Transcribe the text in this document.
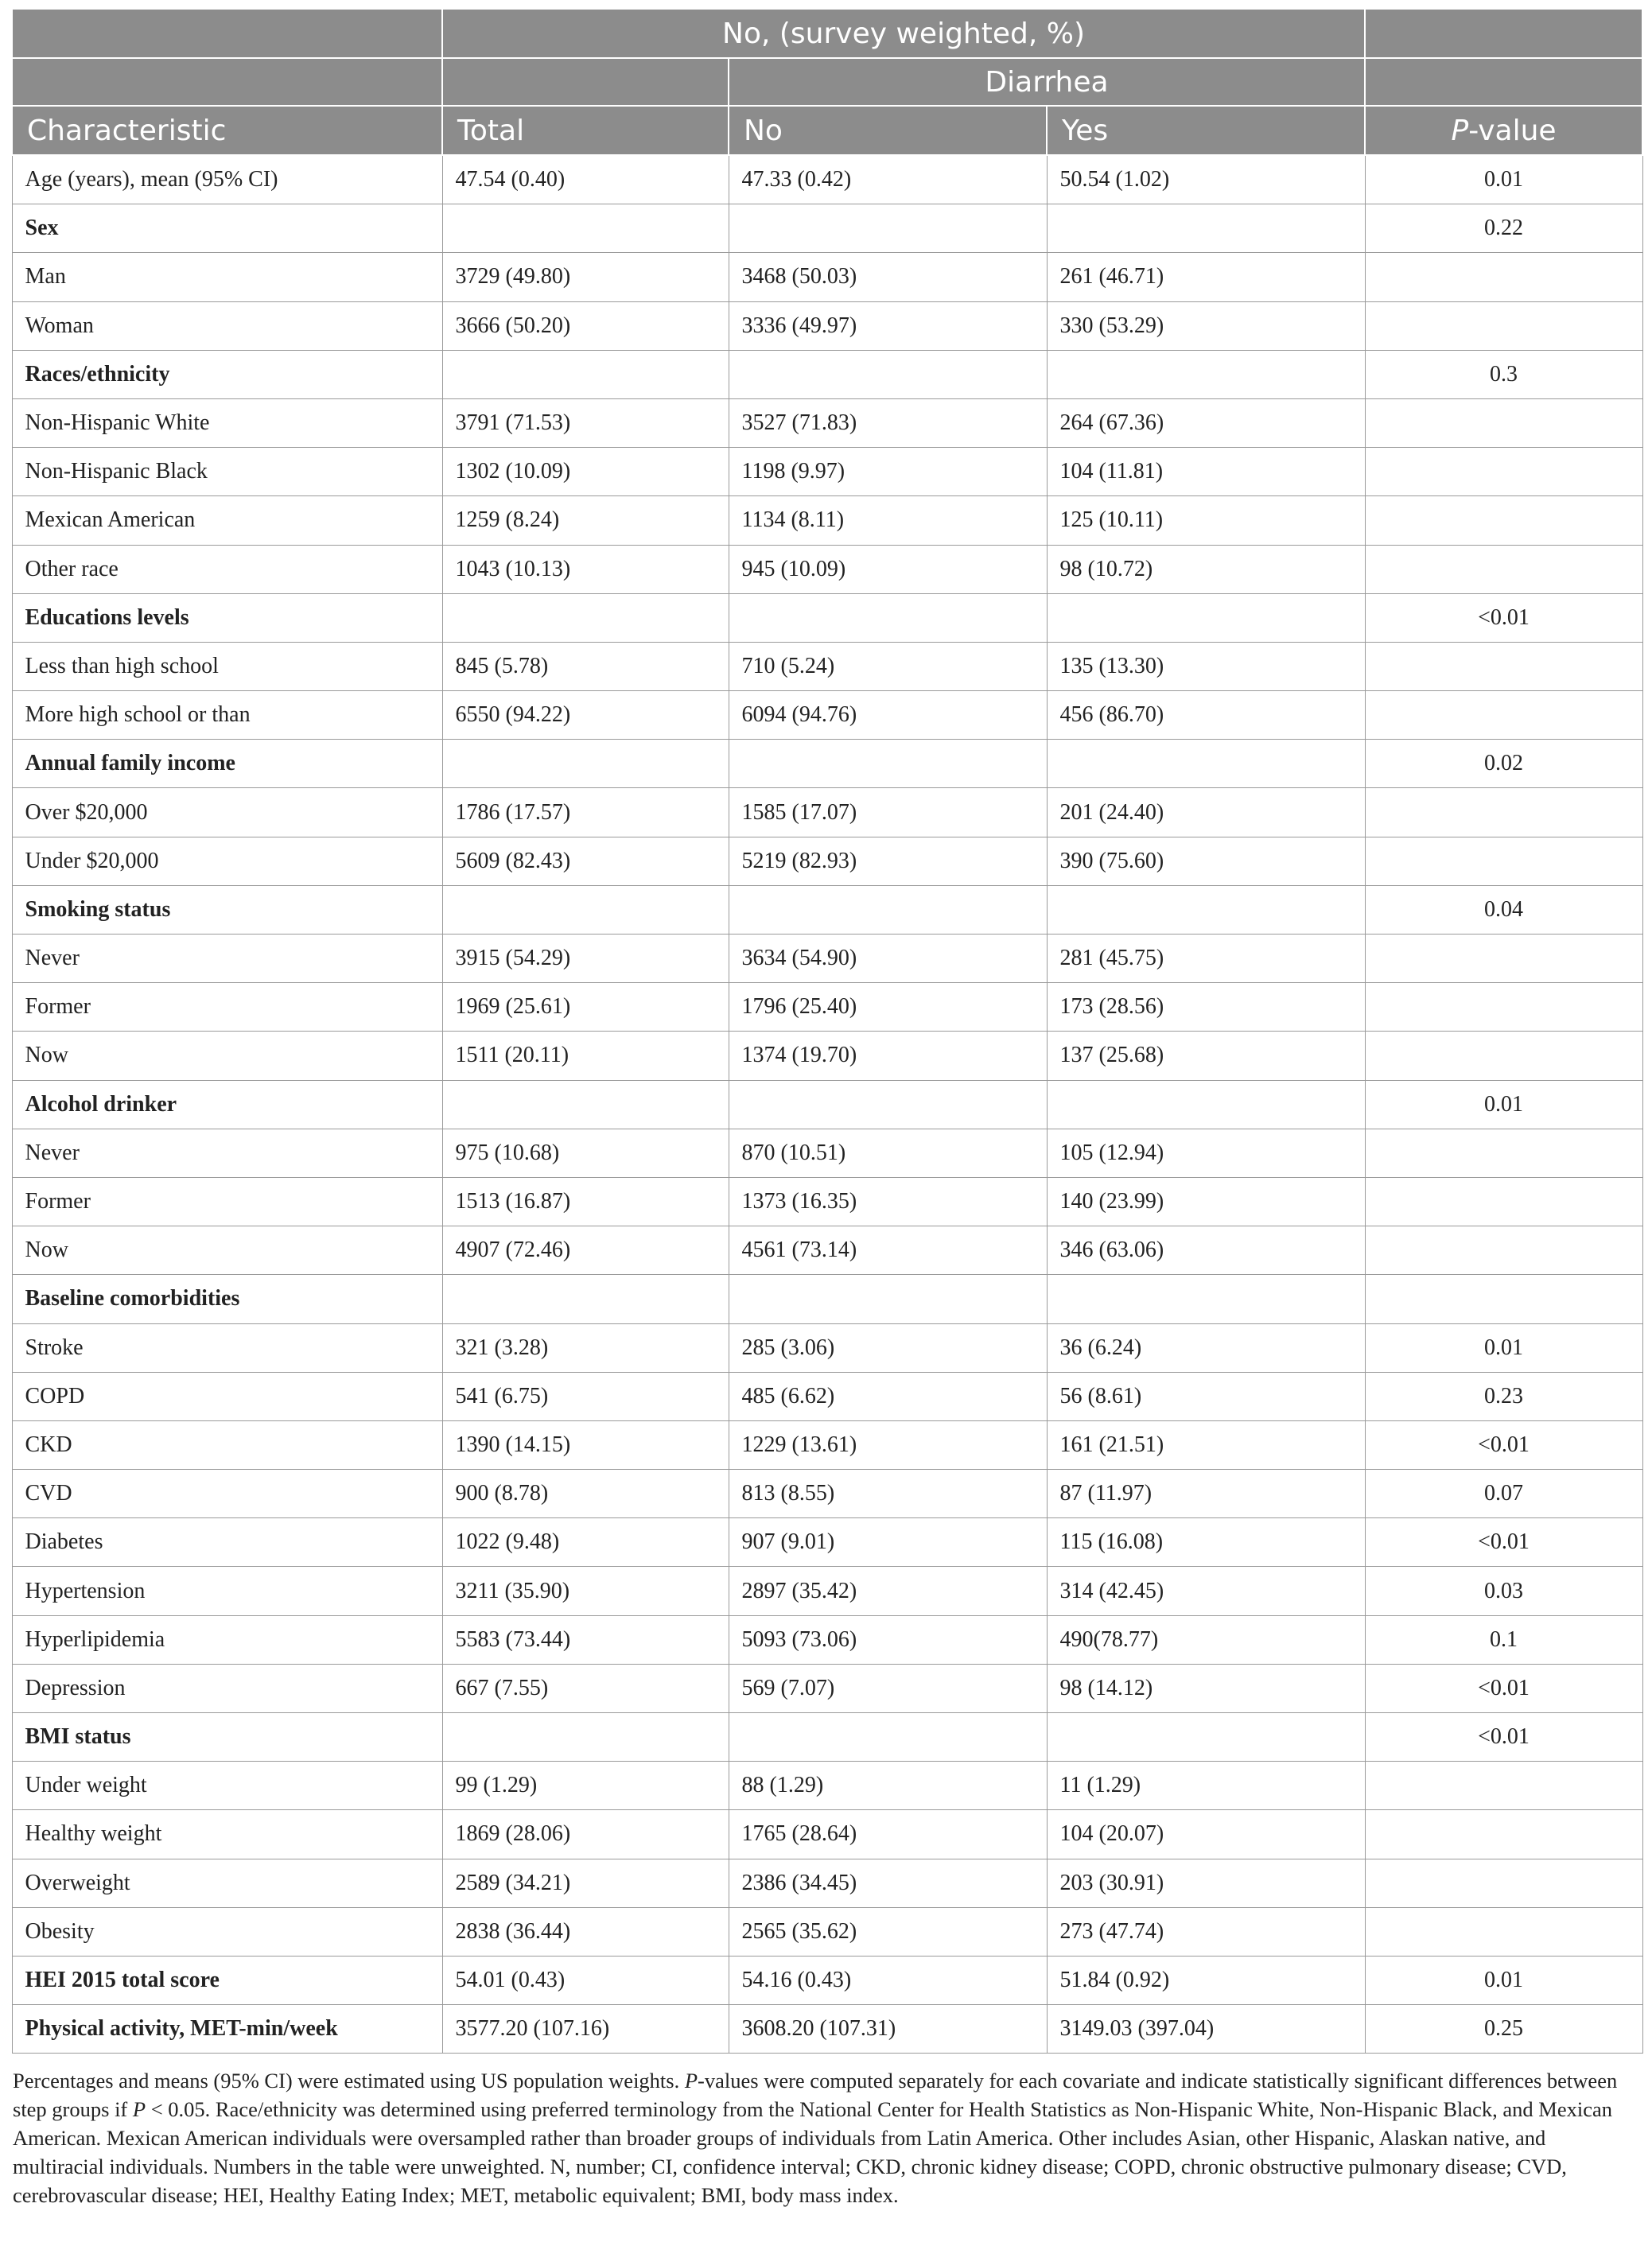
	No, (survey weighted, %)			
		Diarrhea		
Characteristic	Total	No	Yes	P-value
Age (years), mean (95% CI)	47.54 (0.40)	47.33 (0.42)	50.54 (1.02)	0.01
Sex				0.22
Man	3729 (49.80)	3468 (50.03)	261 (46.71)	
Woman	3666 (50.20)	3336 (49.97)	330 (53.29)	
Races/ethnicity				0.3
Non-Hispanic White	3791 (71.53)	3527 (71.83)	264 (67.36)	
Non-Hispanic Black	1302 (10.09)	1198 (9.97)	104 (11.81)	
Mexican American	1259 (8.24)	1134 (8.11)	125 (10.11)	
Other race	1043 (10.13)	945 (10.09)	98 (10.72)	
Educations levels				<0.01
Less than high school	845 (5.78)	710 (5.24)	135 (13.30)	
More high school or than	6550 (94.22)	6094 (94.76)	456 (86.70)	
Annual family income				0.02
Over $20,000	1786 (17.57)	1585 (17.07)	201 (24.40)	
Under $20,000	5609 (82.43)	5219 (82.93)	390 (75.60)	
Smoking status				0.04
Never	3915 (54.29)	3634 (54.90)	281 (45.75)	
Former	1969 (25.61)	1796 (25.40)	173 (28.56)	
Now	1511 (20.11)	1374 (19.70)	137 (25.68)	
Alcohol drinker				0.01
Never	975 (10.68)	870 (10.51)	105 (12.94)	
Former	1513 (16.87)	1373 (16.35)	140 (23.99)	
Now	4907 (72.46)	4561 (73.14)	346 (63.06)	
Baseline comorbidities				
Stroke	321 (3.28)	285 (3.06)	36 (6.24)	0.01
COPD	541 (6.75)	485 (6.62)	56 (8.61)	0.23
CKD	1390 (14.15)	1229 (13.61)	161 (21.51)	<0.01
CVD	900 (8.78)	813 (8.55)	87 (11.97)	0.07
Diabetes	1022 (9.48)	907 (9.01)	115 (16.08)	<0.01
Hypertension	3211 (35.90)	2897 (35.42)	314 (42.45)	0.03
Hyperlipidemia	5583 (73.44)	5093 (73.06)	490(78.77)	0.1
Depression	667 (7.55)	569 (7.07)	98 (14.12)	<0.01
BMI status				<0.01
Under weight	99 (1.29)	88 (1.29)	11 (1.29)	
Healthy weight	1869 (28.06)	1765 (28.64)	104 (20.07)	
Overweight	2589 (34.21)	2386 (34.45)	203 (30.91)	
Obesity	2838 (36.44)	2565 (35.62)	273 (47.74)	
HEI 2015 total score	54.01 (0.43)	54.16 (0.43)	51.84 (0.92)	0.01
Physical activity, MET-min/week	3577.20 (107.16)	3608.20 (107.31)	3149.03 (397.04)	0.25

Percentages and means (95% CI) were estimated using US population weights. P-values were computed separately for each covariate and indicate statistically significant differences between step groups if P < 0.05. Race/ethnicity was determined using preferred terminology from the National Center for Health Statistics as Non-Hispanic White, Non-Hispanic Black, and Mexican American. Mexican American individuals were oversampled rather than broader groups of individuals from Latin America. Other includes Asian, other Hispanic, Alaskan native, and multiracial individuals. Numbers in the table were unweighted. N, number; CI, confidence interval; CKD, chronic kidney disease; COPD, chronic obstructive pulmonary disease; CVD, cerebrovascular disease; HEI, Healthy Eating Index; MET, metabolic equivalent; BMI, body mass index.
